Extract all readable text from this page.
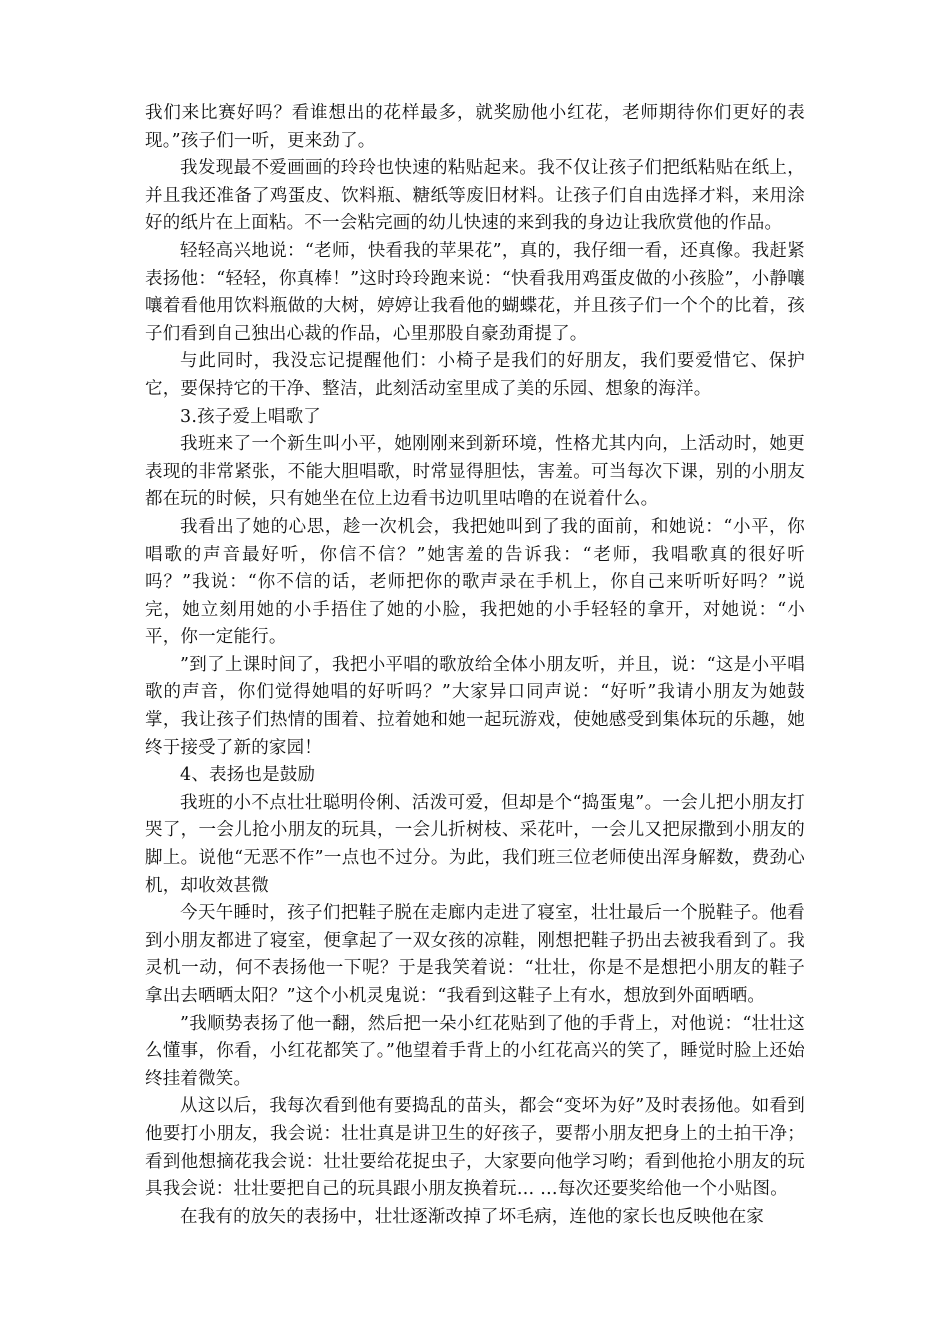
我们来比赛好吗？看谁想出的花样最多，就奖励他小红花，老师期待你们更好的表现。”孩子们一听，更来劲了。

我发现最不爱画画的玲玲也快速的粘贴起来。我不仅让孩子们把纸粘贴在纸上，并且我还准备了鸡蛋皮、饮料瓶、糖纸等废旧材料。让孩子们自由选择才料，来用涂好的纸片在上面粘。不一会粘完画的幼儿快速的来到我的身边让我欣赏他的作品。

轻轻高兴地说：“老师，快看我的苹果花”，真的，我仔细一看，还真像。我赶紧表扬他：“轻轻，你真棒！”这时玲玲跑来说：“快看我用鸡蛋皮做的小孩脸”，小静嚷嚷着看他用饮料瓶做的大树，婷婷让我看他的蝴蝶花，并且孩子们一个个的比着，孩子们看到自己独出心裁的作品，心里那股自豪劲甭提了。

与此同时，我没忘记提醒他们：小椅子是我们的好朋友，我们要爱惜它、保护它，要保持它的干净、整洁，此刻活动室里成了美的乐园、想象的海洋。

3.孩子爱上唱歌了

我班来了一个新生叫小平，她刚刚来到新环境，性格尤其内向，上活动时，她更表现的非常紧张，不能大胆唱歌，时常显得胆怯，害羞。可当每次下课，别的小朋友都在玩的时候，只有她坐在位上边看书边叽里咕噜的在说着什么。

我看出了她的心思，趁一次机会，我把她叫到了我的面前，和她说：“小平，你唱歌的声音最好听，你信不信？”她害羞的告诉我：“老师，我唱歌真的很好听吗？”我说：“你不信的话，老师把你的歌声录在手机上，你自己来听听好吗？”说完，她立刻用她的小手捂住了她的小脸，我把她的小手轻轻的拿开，对她说：“小平，你一定能行。

”到了上课时间了，我把小平唱的歌放给全体小朋友听，并且，说：“这是小平唱歌的声音，你们觉得她唱的好听吗？”大家异口同声说：“好听”我请小朋友为她鼓掌，我让孩子们热情的围着、拉着她和她一起玩游戏，使她感受到集体玩的乐趣，她终于接受了新的家园！

4、表扬也是鼓励

我班的小不点壮壮聪明伶俐、活泼可爱，但却是个“捣蛋鬼”。一会儿把小朋友打哭了，一会儿抢小朋友的玩具，一会儿折树枝、采花叶，一会儿又把尿撒到小朋友的脚上。说他“无恶不作”一点也不过分。为此，我们班三位老师使出浑身解数，费劲心机，却收效甚微

今天午睡时，孩子们把鞋子脱在走廊内走进了寝室，壮壮最后一个脱鞋子。他看到小朋友都进了寝室，便拿起了一双女孩的凉鞋，刚想把鞋子扔出去被我看到了。我灵机一动，何不表扬他一下呢？于是我笑着说：“壮壮，你是不是想把小朋友的鞋子拿出去晒晒太阳？”这个小机灵鬼说：“我看到这鞋子上有水，想放到外面晒晒。

”我顺势表扬了他一翻，然后把一朵小红花贴到了他的手背上，对他说：“壮壮这么懂事，你看，小红花都笑了。”他望着手背上的小红花高兴的笑了，睡觉时脸上还始终挂着微笑。

从这以后，我每次看到他有要捣乱的苗头，都会“变坏为好”及时表扬他。如看到他要打小朋友，我会说：壮壮真是讲卫生的好孩子，要帮小朋友把身上的土拍干净；看到他想摘花我会说：壮壮要给花捉虫子，大家要向他学习哟；看到他抢小朋友的玩具我会说：壮壮要把自己的玩具跟小朋友换着玩… …每次还要奖给他一个小贴图。

在我有的放矢的表扬中，壮壮逐渐改掉了坏毛病，连他的家长也反映他在家
